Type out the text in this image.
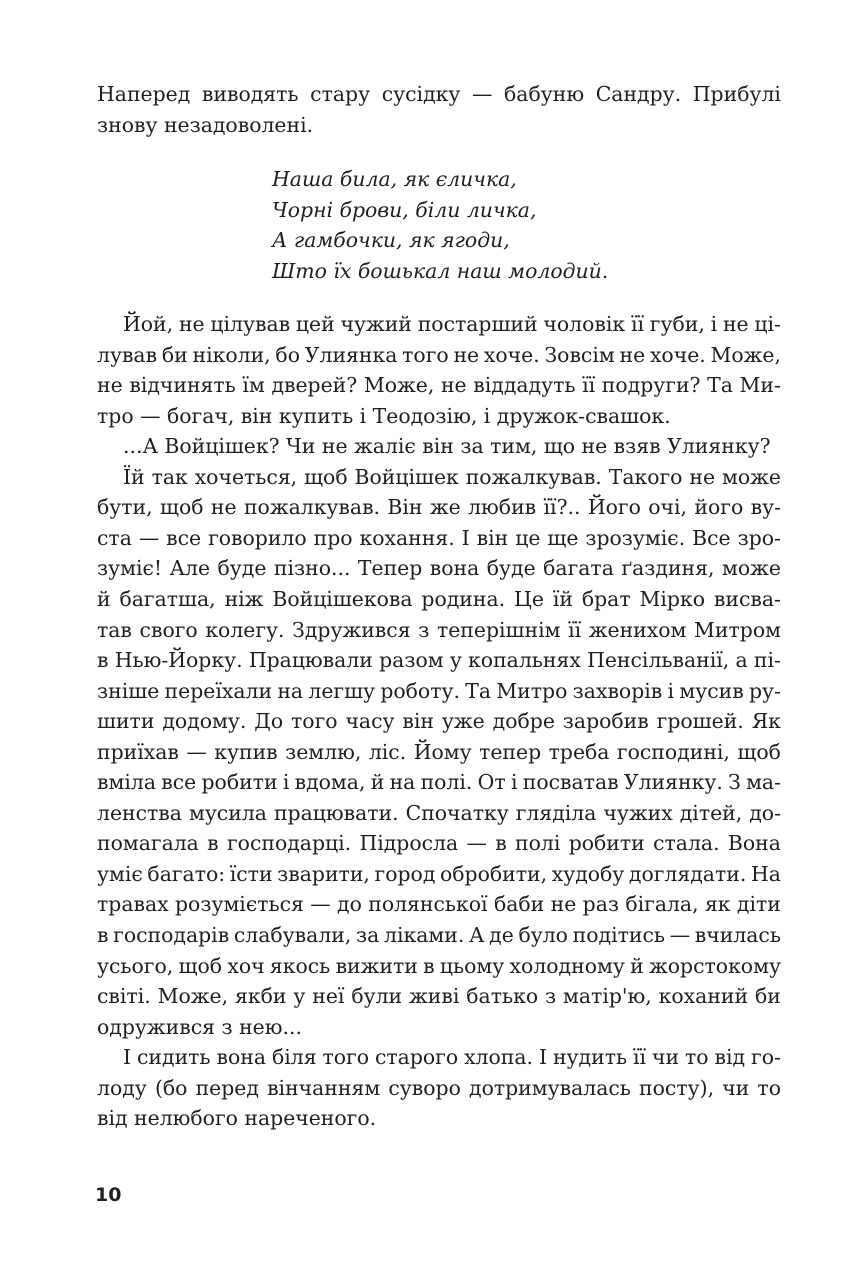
Наперед виводять стару сусідку — бабуню Сандру. Прибулі
знову незадоволені.
Наша била, як єличка,
Чорні брови, біли личка,
А гамбочки, як ягоди,
Што їх бошькал наш молодий.
Йой, не цілував цей чужий постарший чоловік її губи, і не ці-
лував би ніколи, бо Улиянка того не хоче. Зовсім не хоче. Може,
не відчинять їм дверей? Може, не віддадуть її подруги? Та Ми-
тро — богач, він купить і Теодозію, і дружок-свашок.
...А Войцішек? Чи не жаліє він за тим, що не взяв Улиянку?
Їй так хочеться, щоб Войцішек пожалкував. Такого не може
бути, щоб не пожалкував. Він же любив її?.. Його очі, його ву-
ста — все говорило про кохання. І він це ще зрозуміє. Все зро-
зуміє! Але буде пізно... Тепер вона буде багата ґаздиня, може
й багатша, ніж Войцішекова родина. Це їй брат Мірко висва-
тав свого колегу. Здружився з теперішнім її женихом Митром
в Нью-Йорку. Працювали разом у копальнях Пенсільванії, а пі-
зніше переїхали на легшу роботу. Та Митро захворів і мусив ру-
шити додому. До того часу він уже добре заробив грошей. Як
приїхав — купив землю, ліс. Йому тепер треба господині, щоб
вміла все робити і вдома, й на полі. От і посватав Улиянку. З ма-
ленства мусила працювати. Спочатку гляділа чужих дітей, до-
помагала в господарці. Підросла — в полі робити стала. Вона
уміє багато: їсти зварити, город обробити, худобу доглядати. На
травах розуміється — до полянської баби не раз бігала, як діти
в господарів слабували, за ліками. А де було подітись — вчилась
усього, щоб хоч якось вижити в цьому холодному й жорстокому
світі. Може, якби у неї були живі батько з матір'ю, коханий би
одружився з нею...
І сидить вона біля того старого хлопа. І нудить її чи то від го-
лоду (бо перед вінчанням суворо дотримувалась посту), чи то
від нелюбого нареченого.
10
